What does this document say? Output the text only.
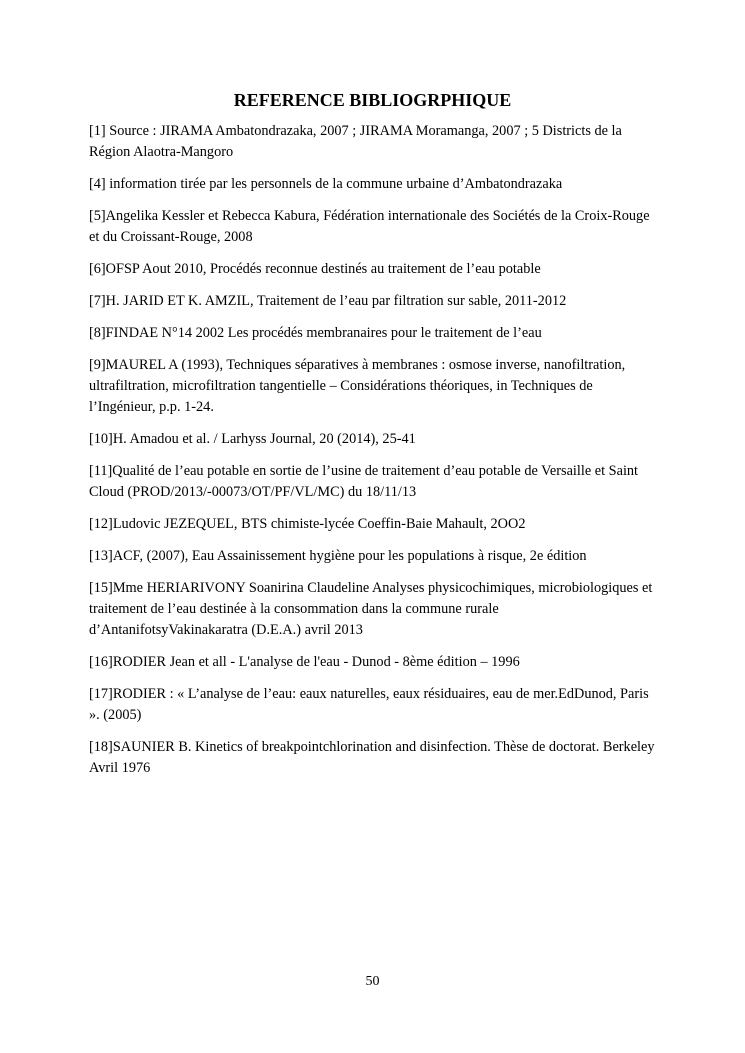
REFERENCE BIBLIOGRPHIQUE
[1] Source : JIRAMA Ambatondrazaka, 2007 ; JIRAMA Moramanga, 2007 ; 5 Districts de la Région Alaotra-Mangoro
[4] information tirée par les personnels de la commune urbaine d’Ambatondrazaka
[5]Angelika Kessler et Rebecca Kabura, Fédération internationale des Sociétés de la Croix-Rouge et du Croissant-Rouge, 2008
[6]OFSP Aout 2010, Procédés reconnue destinés au traitement de l’eau potable
[7]H. JARID ET K. AMZIL, Traitement de l’eau par filtration sur sable, 2011-2012
[8]FINDAE N°14 2002 Les procédés membranaires pour le traitement de l’eau
[9]MAUREL A (1993), Techniques séparatives à membranes : osmose inverse, nanofiltration, ultrafiltration, microfiltration tangentielle – Considérations théoriques, in Techniques de l’Ingénieur, p.p. 1-24.
[10]H. Amadou et al. / Larhyss Journal, 20 (2014), 25-41
[11]Qualité de l’eau potable en sortie de l’usine de traitement d’eau potable de Versaille et Saint Cloud (PROD/2013/-00073/OT/PF/VL/MC) du 18/11/13
[12]Ludovic JEZEQUEL, BTS chimiste-lycée Coeffin-Baie Mahault, 2OO2
[13]ACF, (2007), Eau Assainissement hygiène pour les populations à risque, 2e édition
[15]Mme HERIARIVONY Soanirina Claudeline Analyses physicochimiques, microbiologiques et traitement de l’eau destinée à la consommation dans la commune rurale d’AntanifotsyVakinakaratra (D.E.A.) avril 2013
[16]RODIER Jean et all - L'analyse de l'eau - Dunod - 8ème édition – 1996
[17]RODIER : « L’analyse de l’eau: eaux naturelles, eaux résiduaires, eau de mer.EdDunod, Paris ». (2005)
[18]SAUNIER B. Kinetics of breakpointchlorination and disinfection. Thèse de doctorat. Berkeley Avril 1976
50
